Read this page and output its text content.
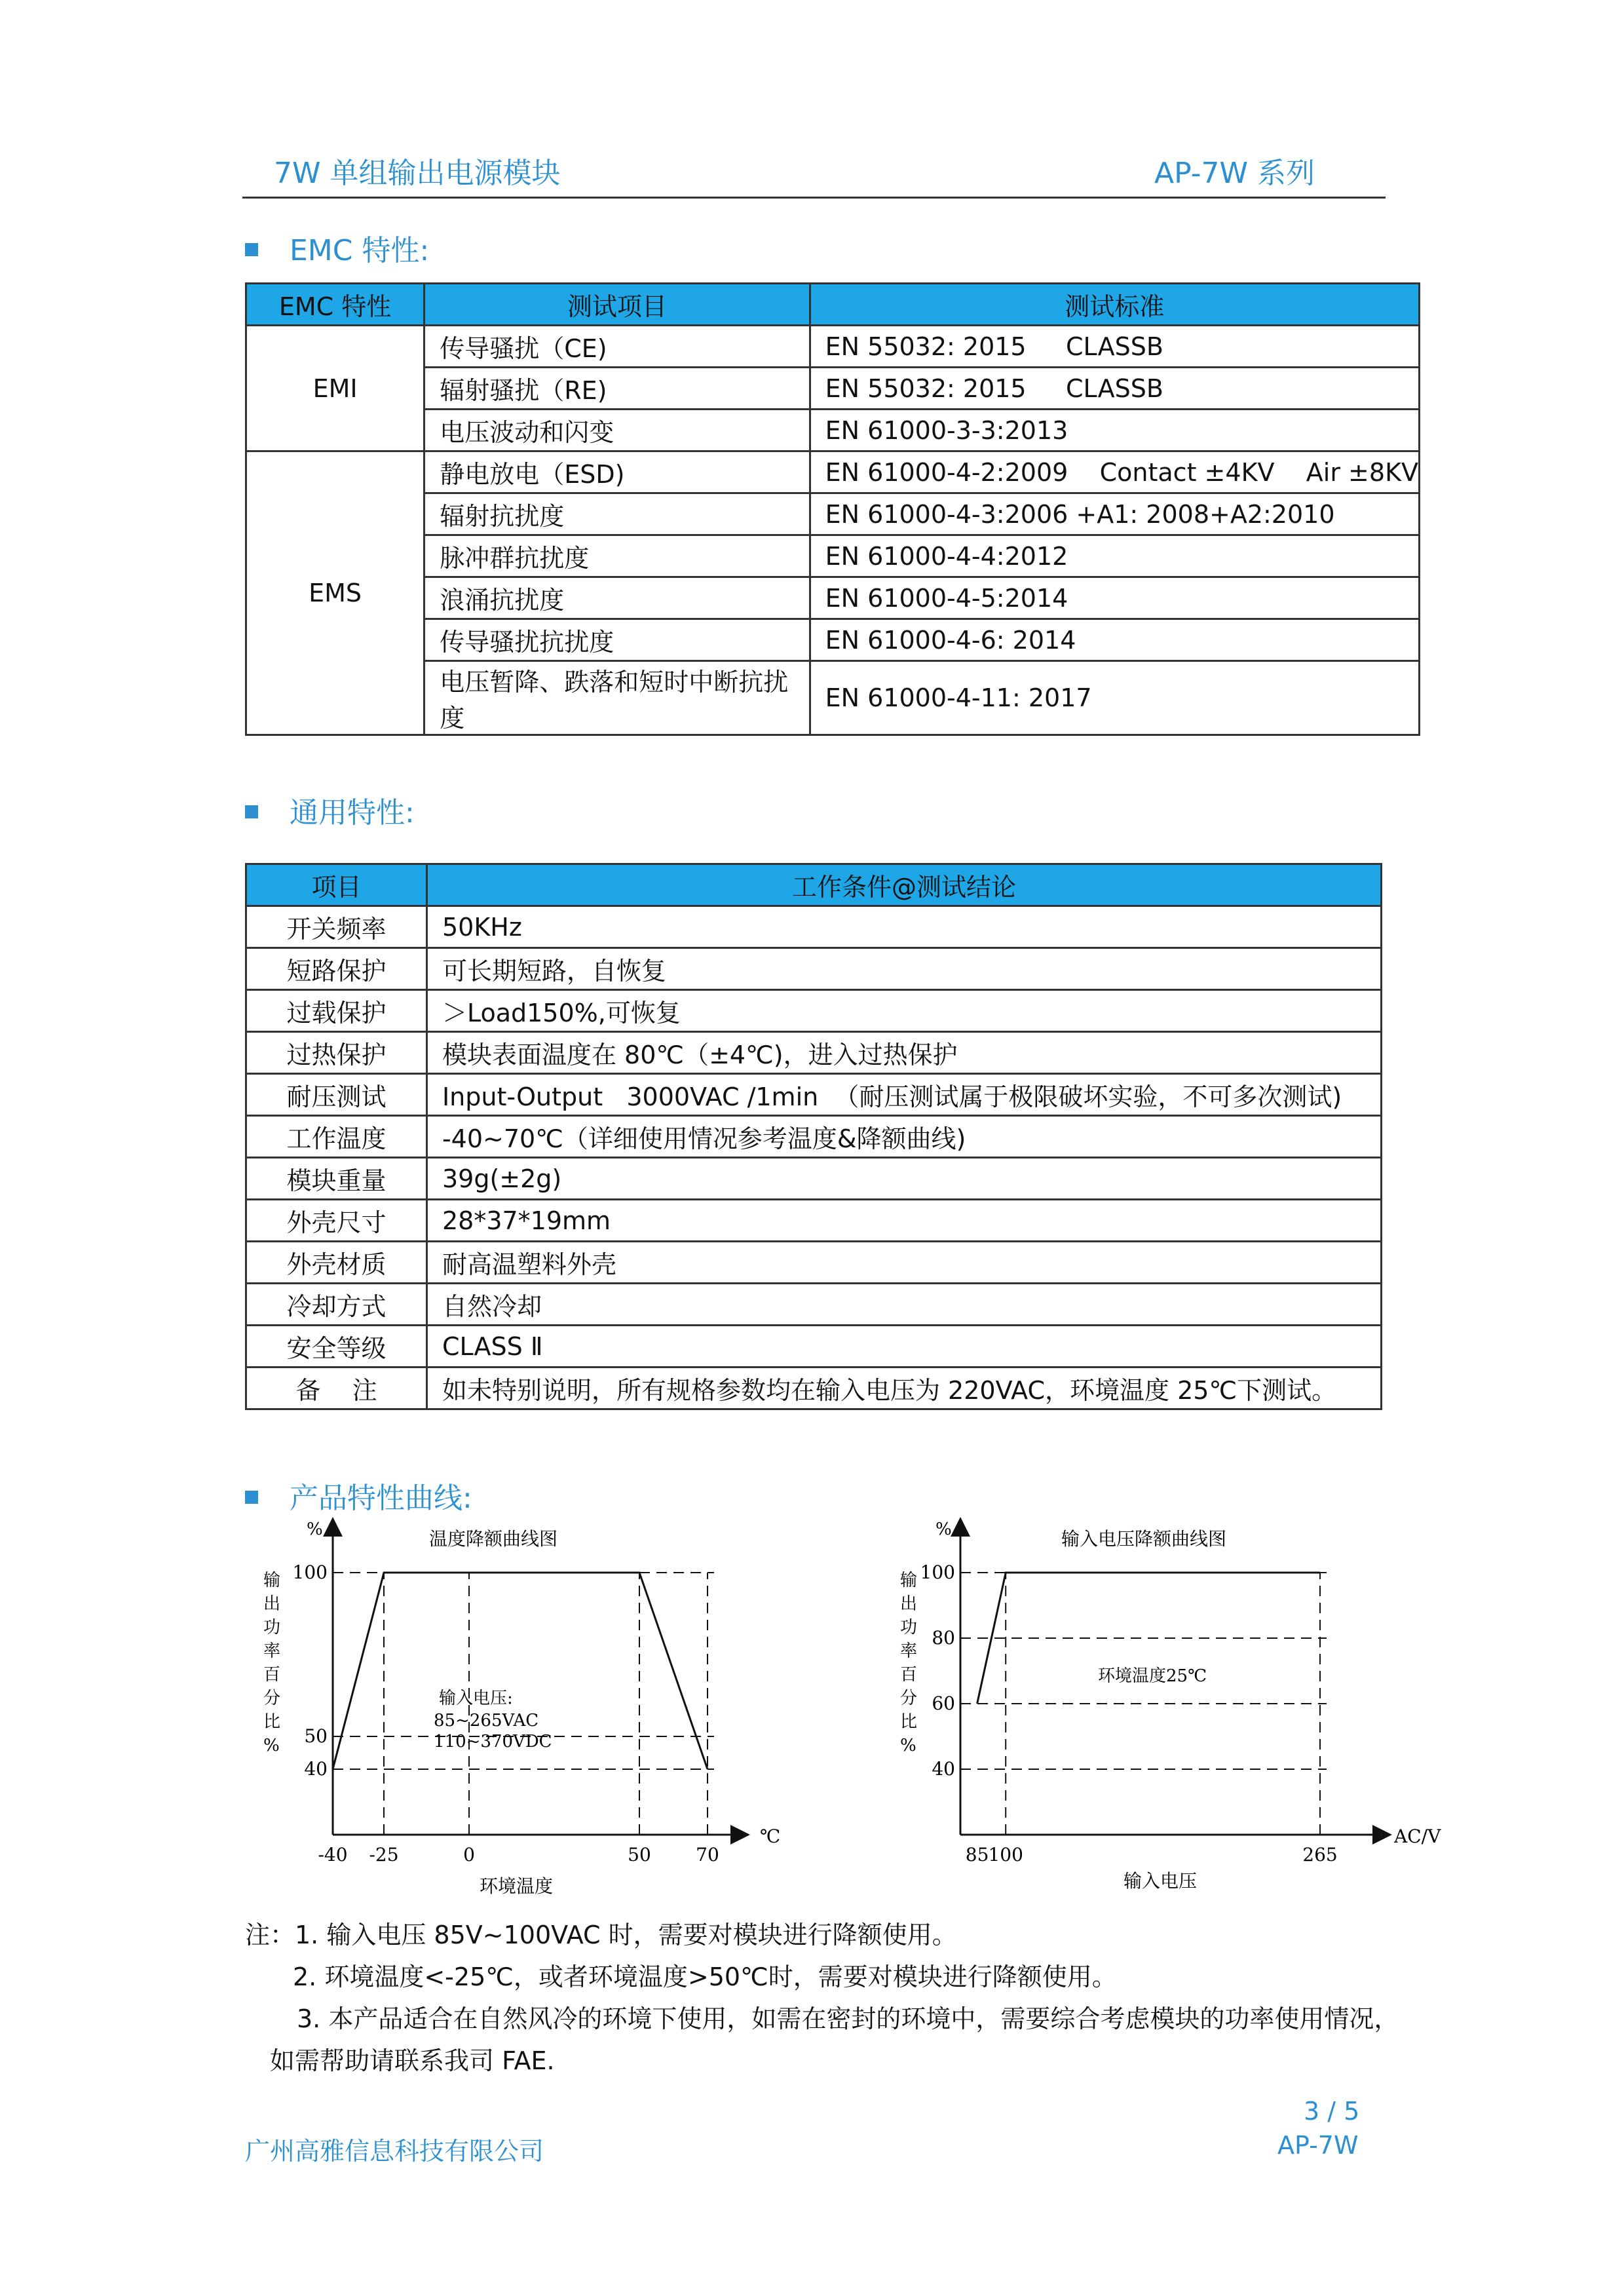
7W 单组输出电源模块	AP-7W 系列
EMC 特性:
EMC 特性	测试项目	测试标准
EMI	传导骚扰（CE)	EN 55032: 2015     CLASSB
	辐射骚扰（RE)	EN 55032: 2015     CLASSB
	电压波动和闪变	EN 61000-3-3:2013
EMS	静电放电（ESD)	EN 61000-4-2:2009    Contact ±4KV    Air ±8KV
	辐射抗扰度	EN 61000-4-3:2006 +A1: 2008+A2:2010
	脉冲群抗扰度	EN 61000-4-4:2012
	浪涌抗扰度	EN 61000-4-5:2014
	传导骚扰抗扰度	EN 61000-4-6: 2014
	电压暂降、跌落和短时中断抗扰度	EN 61000-4-11: 2017
通用特性:
项目	工作条件@测试结论
开关频率	50KHz
短路保护	可长期短路，自恢复
过载保护	＞Load150%,可恢复
过热保护	模块表面温度在 80℃（±4℃)，进入过热保护
耐压测试	Input-Output   3000VAC /1min  （耐压测试属于极限破坏实验，不可多次测试)
工作温度	-40~70℃（详细使用情况参考温度&降额曲线)
模块重量	39g(±2g)
外壳尺寸	28*37*19mm
外壳材质	耐高温塑料外壳
冷却方式	自然冷却
安全等级	CLASS Ⅱ
备    注	如未特别说明，所有规格参数均在输入电压为 220VAC，环境温度 25℃下测试。
产品特性曲线:
温度降额曲线图
%
输
出
功
率
百
分
比
%
100
50
40
-40 -25	0	50 70
℃
环境温度
输入电压:
85~265VAC
110~370VDC
输入电压降额曲线图
%
输
出
功
率
百
分
比
%
100
80
60
40
85 100	265
AC/V
输入电压
环境温度25℃
注：1. 输入电压 85V~100VAC 时，需要对模块进行降额使用。
2. 环境温度<-25℃，或者环境温度>50℃时，需要对模块进行降额使用。
3. 本产品适合在自然风冷的环境下使用，如需在密封的环境中，需要综合考虑模块的功率使用情况，
如需帮助请联系我司 FAE.
3 / 5
广州高雅信息科技有限公司	AP-7W
